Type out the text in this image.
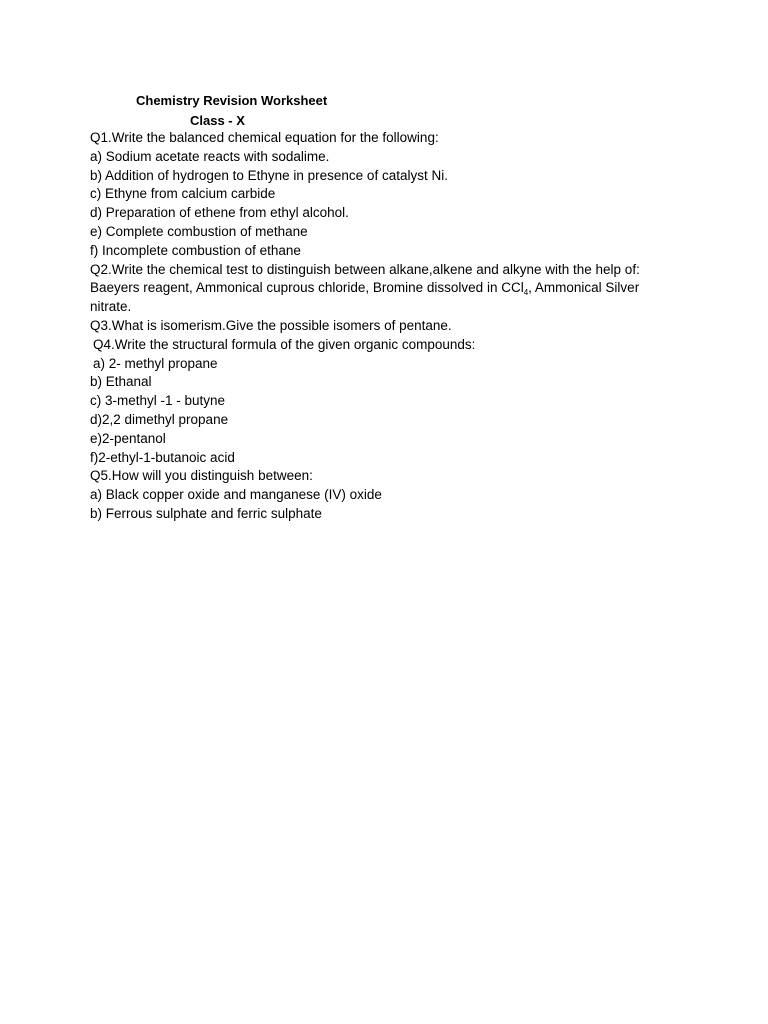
Chemistry Revision Worksheet
Class - X

Q1.Write the balanced chemical equation for the following:

a) Sodium acetate reacts with sodalime.

b) Addition of hydrogen to Ethyne in presence of catalyst Ni.

c) Ethyne from calcium carbide

d) Preparation of ethene from ethyl alcohol.

e) Complete combustion of methane

f) Incomplete combustion of ethane

Q2.Write the chemical test to distinguish between alkane,alkene and alkyne with the help of:

Baeyers reagent, Ammonical cuprous chloride, Bromine dissolved in CCl$_4$, Ammonical Silver

nitrate.

Q3.What is isomerism.Give the possible isomers of pentane.

Q4.Write the structural formula of the given organic compounds:

a) 2- methyl propane

b) Ethanal

c) 3-methyl -1 - butyne

d)2,2 dimethyl propane

e)2-pentanol

f)2-ethyl-1-butanoic acid

Q5.How will you distinguish between:

a) Black copper oxide and manganese (IV) oxide

b) Ferrous sulphate and ferric sulphate
